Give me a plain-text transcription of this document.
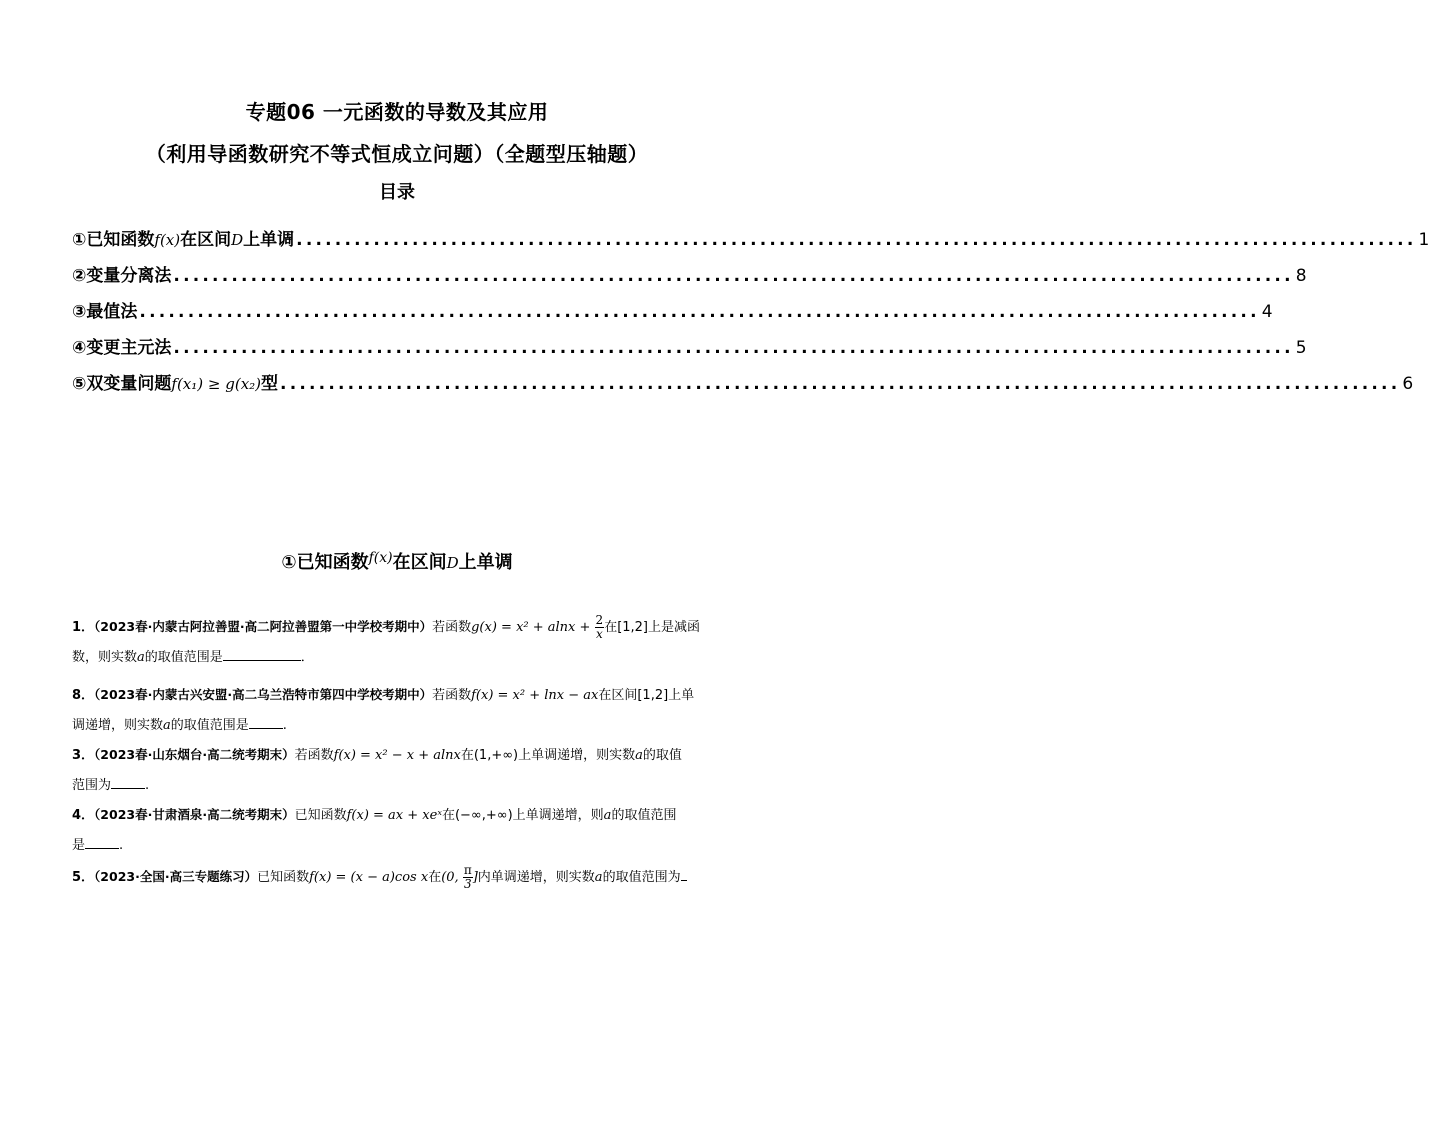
专题06 一元函数的导数及其应用
（利用导函数研究不等式恒成立问题）（全题型压轴题）
目录
①已知函数f(x)在区间D上单调 .................................................................................................................... 1
②变量分离法 .................................................................................................................... 8
③最值法 .................................................................................................................... 4
④变更主元法 .................................................................................................................... 5
⑤双变量问题f(x₁) ≥ g(x₂)型 .................................................................................................................... 6
①已知函数$^{f(x)}$在区间D上单调
1．（2023春·内蒙古阿拉善盟·高二阿拉善盟第一中学校考期中）若函数$g(x) = x^2 + alnx + \frac{2}{x}$ 在[1,2]上是减函
数，则实数a的取值范围是	．
8．（2023春·内蒙古兴安盟·高二乌兰浩特市第四中学校考期中）若函数f(x) = x² + lnx − ax在区间[1,2]上单
调递增，则实数a的取值范围是	.
3．（2023春·山东烟台·高二统考期末）若函数f(x) = x² − x + alnx在(1,+∞)上单调递增，则实数a的取值
范围为	.
4．（2023春·甘肃酒泉·高二统考期末）已知函数f(x) = ax + xeˣ在(−∞,+∞)上单调递增，则a的取值范围
是	.
5．（2023·全国·高三专题练习）已知函数f(x) = (x − a)cos x在(0, $\frac{\pi}{3}$ ]内单调递增，则实数a的取值范围为
